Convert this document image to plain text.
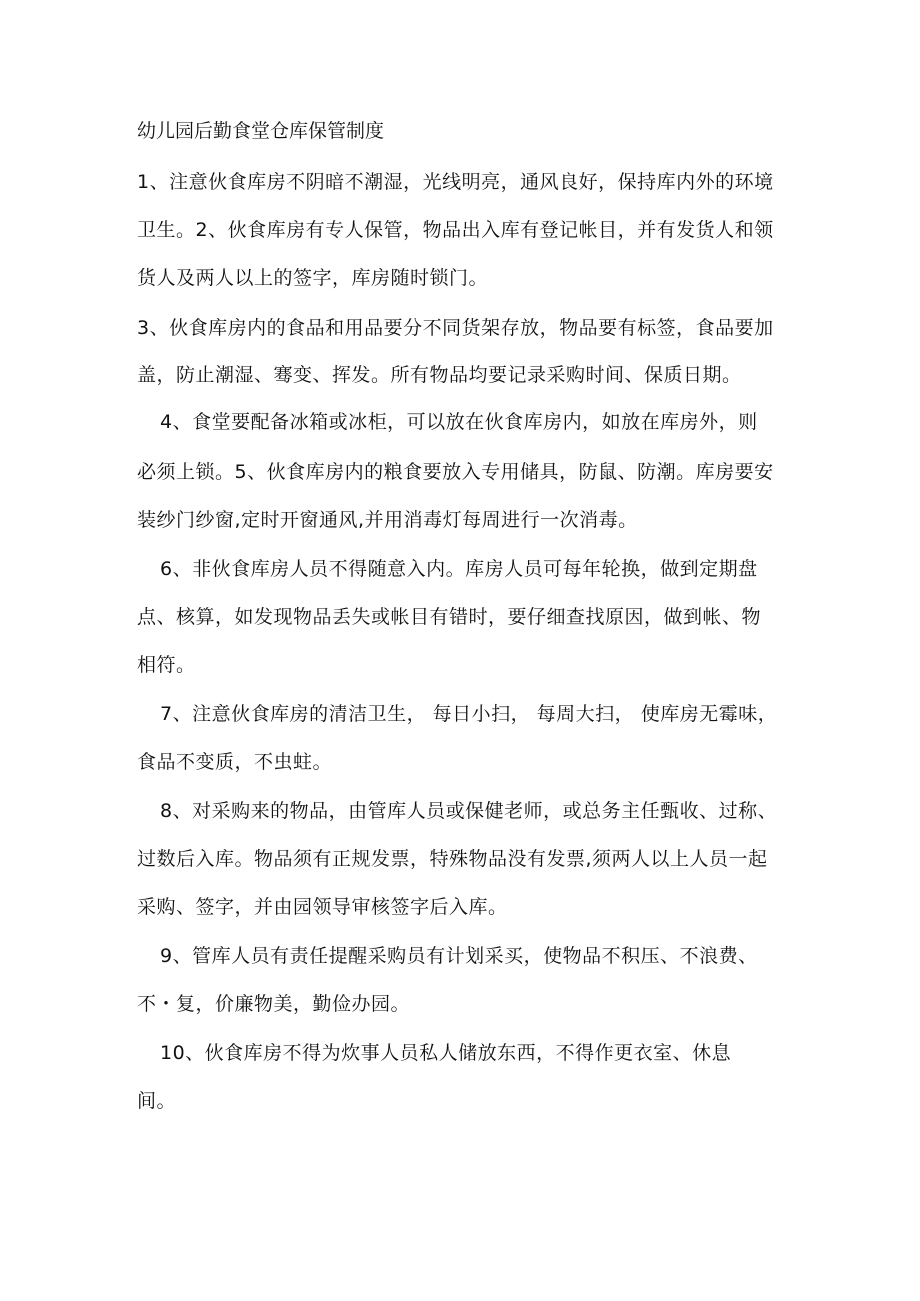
幼儿园后勤食堂仓库保管制度
1、注意伙食库房不阴暗不潮湿，光线明亮，通风良好，保持库内外的环境
卫生。2、伙食库房有专人保管，物品出入库有登记帐目，并有发货人和领
货人及两人以上的签字，库房随时锁门。
3、伙食库房内的食品和用品要分不同货架存放，物品要有标签，食品要加
盖，防止潮湿、骞变、挥发。所有物品均要记录采购时间、保质日期。
4、食堂要配备冰箱或冰柜，可以放在伙食库房内，如放在库房外，则
必须上锁。5、伙食库房内的粮食要放入专用储具，防鼠、防潮。库房要安
装纱门纱窗,定时开窗通风,并用消毒灯每周进行一次消毒。
6、非伙食库房人员不得随意入内。库房人员可每年轮换，做到定期盘
点、核算，如发现物品丢失或帐目有错时，要仔细查找原因，做到帐、物
相符。
7、注意伙食库房的清洁卫生， 每日小扫， 每周大扫， 使库房无霉味，
食品不变质，不虫蛀。
8、对采购来的物品，由管库人员或保健老师，或总务主任甄收、过称、
过数后入库。物品须有正规发票，特殊物品没有发票,须两人以上人员一起
采购、签字，并由园领导审核签字后入库。
9、管库人员有责任提醒采购员有计划采买，使物品不积压、不浪费、
不・复，价廉物美，勤俭办园。
10、伙食库房不得为炊事人员私人储放东西，不得作更衣室、休息
间。
